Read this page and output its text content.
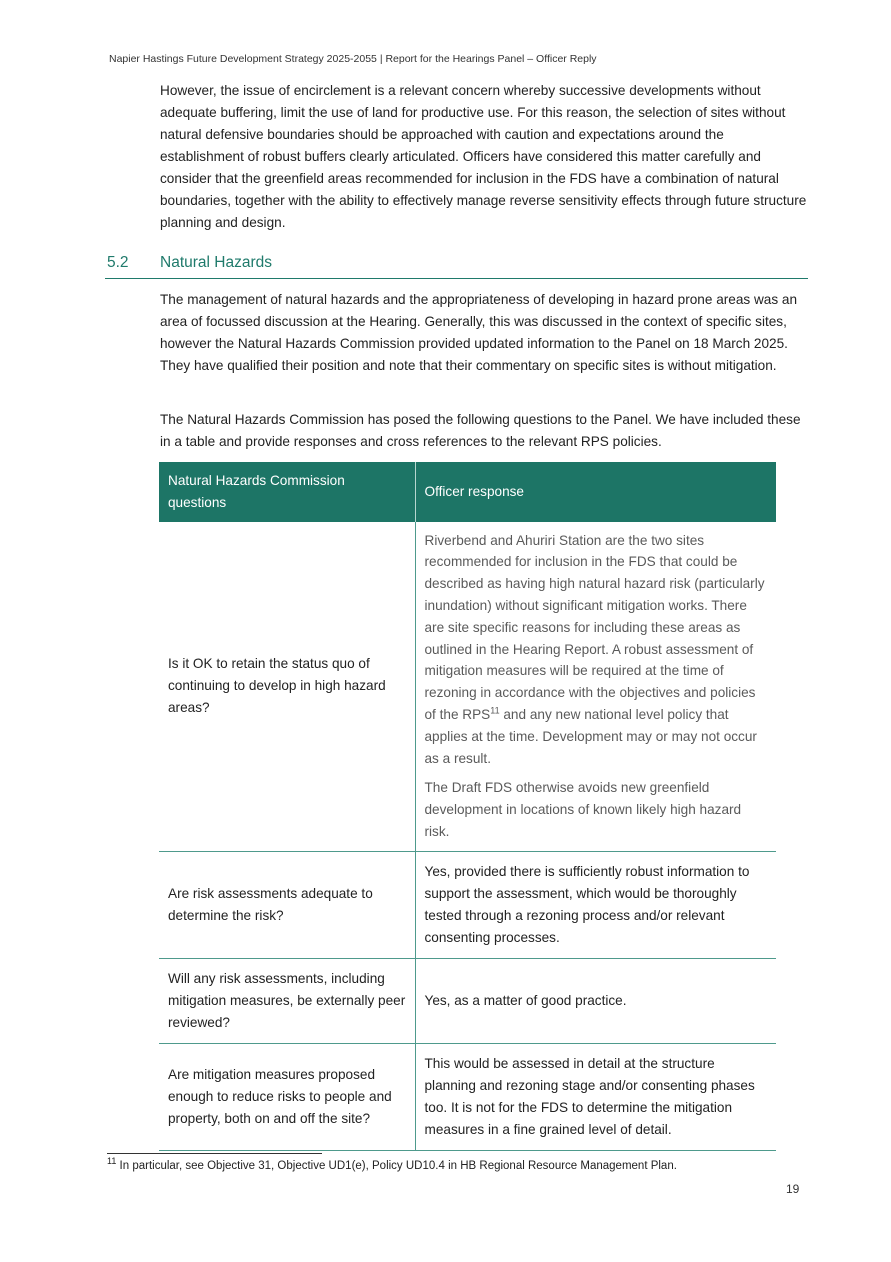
Napier Hastings Future Development Strategy 2025-2055 | Report for the Hearings Panel – Officer Reply

However, the issue of encirclement is a relevant concern whereby successive developments without adequate buffering, limit the use of land for productive use. For this reason, the selection of sites without natural defensive boundaries should be approached with caution and expectations around the establishment of robust buffers clearly articulated. Officers have considered this matter carefully and consider that the greenfield areas recommended for inclusion in the FDS have a combination of natural boundaries, together with the ability to effectively manage reverse sensitivity effects through future structure planning and design.

5.2 Natural Hazards

The management of natural hazards and the appropriateness of developing in hazard prone areas was an area of focussed discussion at the Hearing. Generally, this was discussed in the context of specific sites, however the Natural Hazards Commission provided updated information to the Panel on 18 March 2025. They have qualified their position and note that their commentary on specific sites is without mitigation.

The Natural Hazards Commission has posed the following questions to the Panel. We have included these in a table and provide responses and cross references to the relevant RPS policies.

Natural Hazards Commission questions	Officer response
Is it OK to retain the status quo of continuing to develop in high hazard areas?	Riverbend and Ahuriri Station are the two sites recommended for inclusion in the FDS that could be described as having high natural hazard risk (particularly inundation) without significant mitigation works. There are site specific reasons for including these areas as outlined in the Hearing Report. A robust assessment of mitigation measures will be required at the time of rezoning in accordance with the objectives and policies of the RPS$^{11}$ and any new national level policy that applies at the time. Development may or may not occur as a result.

The Draft FDS otherwise avoids new greenfield development in locations of known likely high hazard risk.

Are risk assessments adequate to determine the risk?	Yes, provided there is sufficiently robust information to support the assessment, which would be thoroughly tested through a rezoning process and/or relevant consenting processes.
Will any risk assessments, including mitigation measures, be externally peer reviewed?	Yes, as a matter of good practice.
Are mitigation measures proposed enough to reduce risks to people and property, both on and off the site?	This would be assessed in detail at the structure planning and rezoning stage and/or consenting phases too. It is not for the FDS to determine the mitigation measures in a fine grained level of detail.
$^{11}$ In particular, see Objective 31, Objective UD1(e), Policy UD10.4 in HB Regional Resource Management Plan.
19
